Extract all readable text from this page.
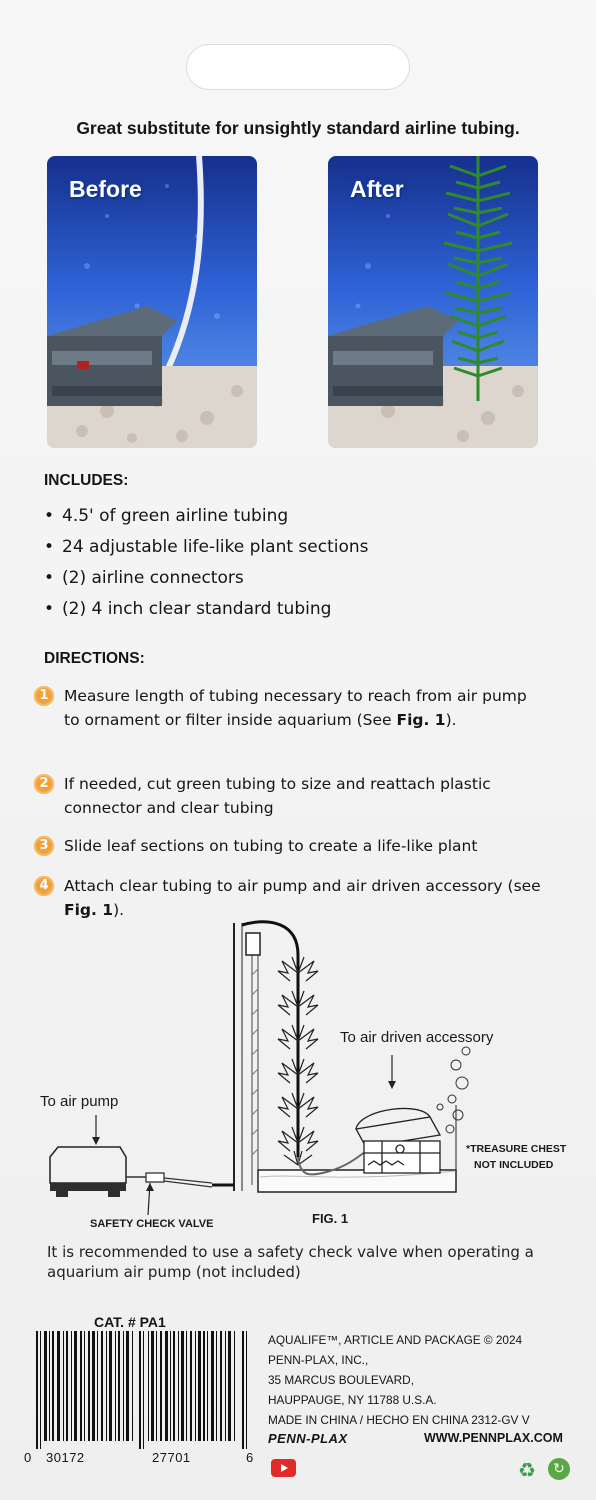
Great substitute for unsightly standard airline tubing.
Before	After
INCLUDES:
• 4.5' of green airline tubing
• 24 adjustable life-like plant sections
• (2) airline connectors
• (2) 4 inch clear standard tubing
DIRECTIONS:
1 Measure length of tubing necessary to reach from air pump to ornament or filter inside aquarium (See Fig. 1).
2 If needed, cut green tubing to size and reattach plastic connector and clear tubing
3 Slide leaf sections on tubing to create a life-like plant
4 Attach clear tubing to air pump and air driven accessory (see Fig. 1).
To air driven accessory
To air pump
*TREASURE CHEST
NOT INCLUDED
SAFETY CHECK VALVE	FIG. 1
It is recommended to use a safety check valve when operating a aquarium air pump (not included)
CAT. # PA1
0 30172	27701	6
AQUALIFE™, ARTICLE AND PACKAGE © 2024
PENN-PLAX, INC.,
35 MARCUS BOULEVARD,
HAUPPAUGE, NY 11788 U.S.A.
MADE IN CHINA / HECHO EN CHINA 2312-GV V
PENN-PLAX	WWW.PENNPLAX.COM
♻	↻
